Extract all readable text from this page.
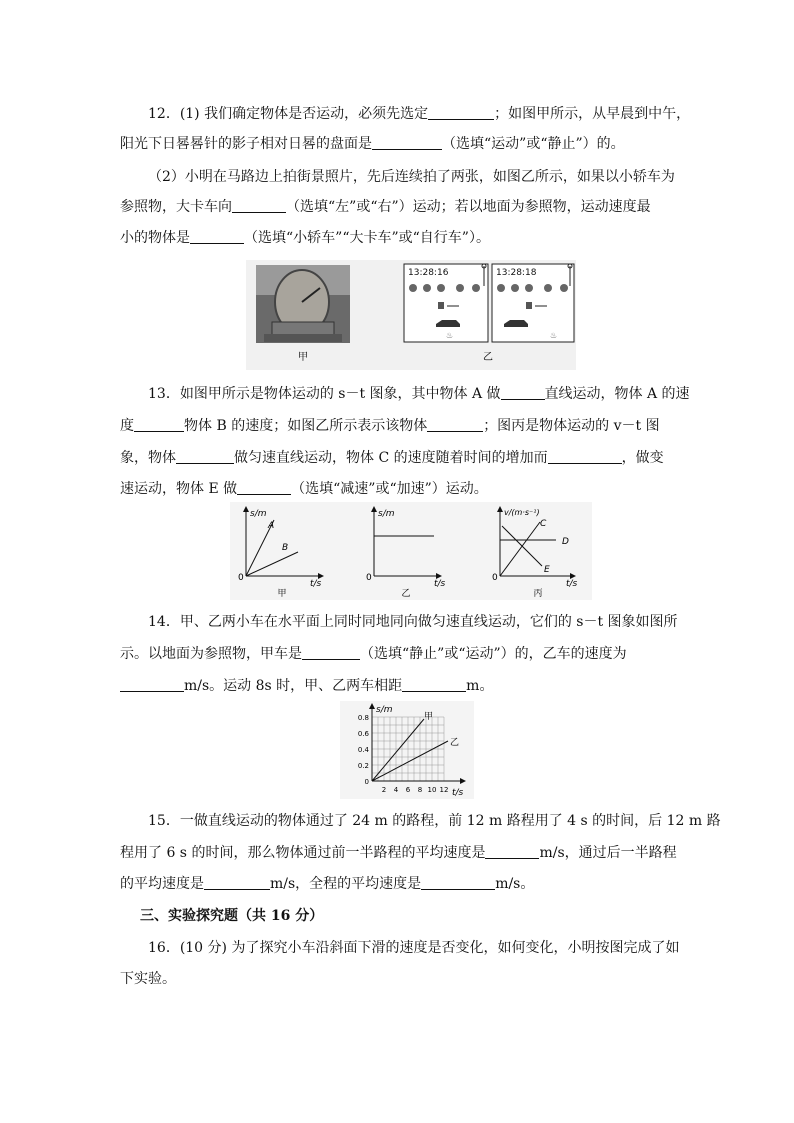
12．(1) 我们确定物体是否运动，必须先选定	；如图甲所示，从早晨到中午，
阳光下日晷晷针的影子相对日晷的盘面是	（选填“运动”或“静止”）的。
（2）小明在马路边上拍街景照片，先后连续拍了两张，如图乙所示，如果以小轿车为
参照物，大卡车向	（选填“左”或“右”）运动；若以地面为参照物，运动速度最
小的物体是	（选填“小轿车”“大卡车”或“自行车”）。
甲
13:28:16
♨
13:28:18
♨
乙
13．如图甲所示是物体运动的 s－t 图象，其中物体 A 做	直线运动，物体 A 的速
度	物体 B 的速度；如图乙所示表示该物体	；图丙是物体运动的 v－t 图
象，物体	做匀速直线运动，物体 C 的速度随着时间的增加而	，做变
速运动，物体 E 做	（选填“减速”或“加速”）运动。
s/m
t/s
0
A
B
甲
s/m
t/s
0
乙
v/(m·s⁻¹)
t/s
0
C
D
E
丙
14．甲、乙两小车在水平面上同时同地同向做匀速直线运动，它们的 s－t 图象如图所
示。以地面为参照物，甲车是	（选填“静止”或“运动”）的，乙车的速度为
m/s。运动 8s 时，甲、乙两车相距	m。
s/m
t/s
甲
乙
0.8
0.6
0.4
0.2
0
2 4 6 8 10 12
15．一做直线运动的物体通过了 24 m 的路程，前 12 m 路程用了 4 s 的时间，后 12 m 路
程用了 6 s 的时间，那么物体通过前一半路程的平均速度是	m/s，通过后一半路程
的平均速度是	m/s，全程的平均速度是	m/s。
三、实验探究题（共 16 分）
16．(10 分) 为了探究小车沿斜面下滑的速度是否变化，如何变化，小明按图完成了如
下实验。
